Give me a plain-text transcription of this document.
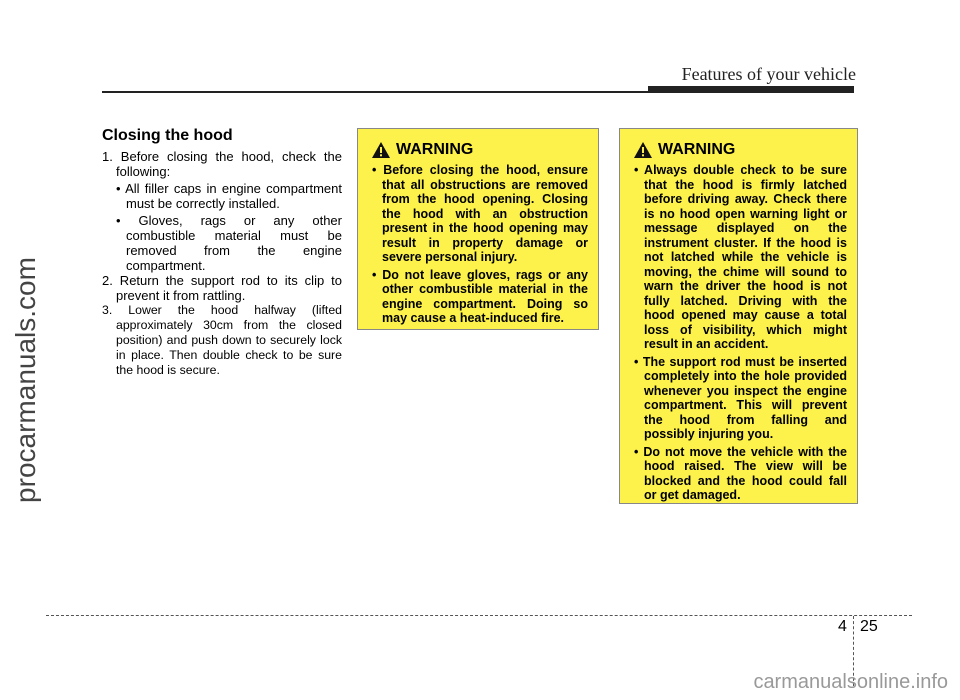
Features of your vehicle
procarmanuals.com
Closing the hood
1. Before closing the hood, check the following:
• All filler caps in engine compartment must be correctly installed.
• Gloves, rags or any other combustible material must be removed from the engine compartment.
2. Return the support rod to its clip to prevent it from rattling.
3. Lower the hood halfway (lifted approximately 30cm from the closed position) and push down to securely lock in place. Then double check to be sure the hood is secure.
WARNING
• Before closing the hood, ensure that all obstructions are removed from the hood opening. Closing the hood with an obstruction present in the hood opening may result in property damage or severe personal injury.
• Do not leave gloves, rags or any other combustible material in the engine compartment. Doing so may cause a heat-induced fire.
WARNING
• Always double check to be sure that the hood is firmly latched before driving away. Check there is no hood open warning light or message displayed on the instrument cluster. If the hood is not latched while the vehicle is moving, the chime will sound to warn the driver the hood is not fully latched. Driving with the hood opened may cause a total loss of visibility, which might result in an accident.
• The support rod must be inserted completely into the hole provided whenever you inspect the engine compartment. This will prevent the hood from falling and possibly injuring you.
• Do not move the vehicle with the hood raised. The view will be blocked and the hood could fall or get damaged.
4 25
carmanualsonline.info
